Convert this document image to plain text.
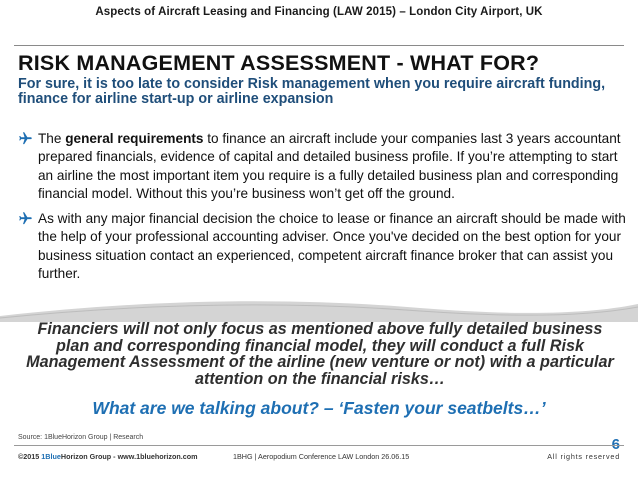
Aspects of Aircraft Leasing and Financing (LAW 2015) – London City Airport, UK
RISK MANAGEMENT ASSESSMENT - WHAT FOR?
For sure, it is too late to consider Risk management when you require aircraft funding, finance for airline start-up or airline expansion
The general requirements to finance an aircraft include your companies last 3 years accountant prepared financials, evidence of capital and detailed business profile. If you’re attempting to start an airline the most important item you require is a fully detailed business plan and corresponding financial model. Without this you’re business won’t get off the ground.
As with any major financial decision the choice to lease or finance an aircraft should be made with the help of your professional accounting adviser. Once you've decided on the best option for your business situation contact an experienced, competent aircraft finance broker that can assist you further.
Financiers will not only focus as mentioned above fully detailed business plan and corresponding financial model, they will conduct a full Risk Management Assessment of the airline (new venture or not) with a particular attention on the financial risks…
What are we talking about? – ‘Fasten your seatbelts…’
Source: 1BlueHorizon Group | Research
©2015 1BlueHorizon Group - www.1bluehorizon.com	1BHG | Aeropodium Conference LAW London 26.06.15	All rights reserved
